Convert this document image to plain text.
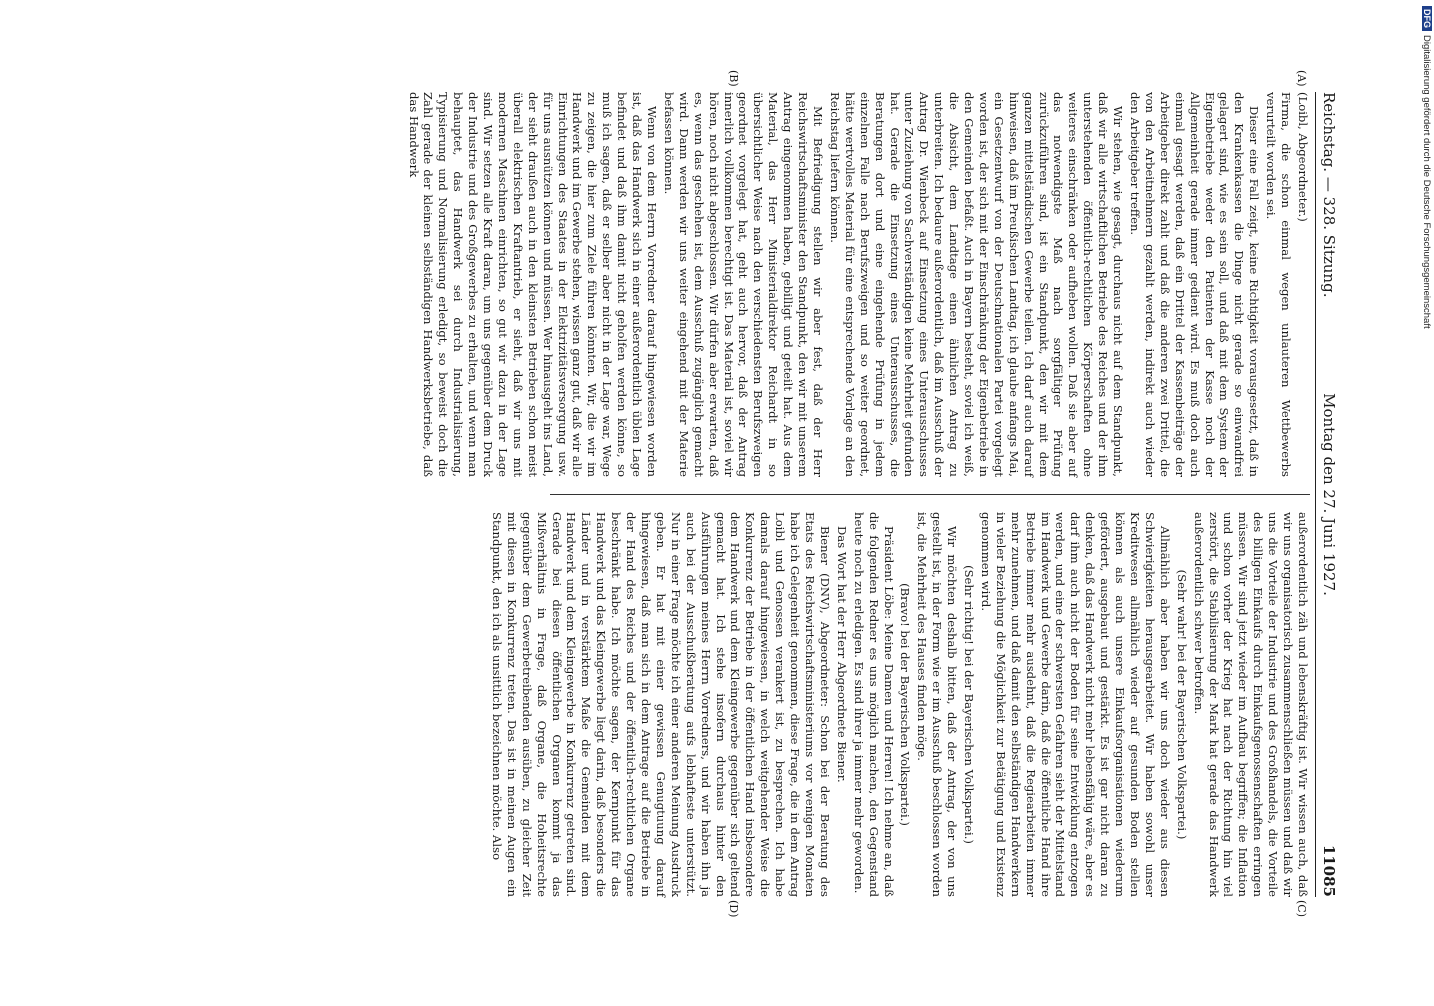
Reichstag. — 328. Sitzung.
Montag den 27. Juni 1927.
11085
(A)
(B)
(C)
(D)

(Loibl, Abgeordneter.)

Firma, die schon einmal wegen unlauteren Wettbewerbs verurteilt worden sei.

Dieser eine Fall zeigt, keine Richtigkeit vorausgesetzt, daß in den Krankenkassen die Dinge nicht gerade so einwandfrei gelagert sind, wie es sein soll, und daß mit dem System der Eigenbetriebe weder den Patienten der Kasse noch der Allgemeinheit gerade immer gedient wird. Es muß doch auch einmal gesagt werden, daß ein Drittel der Kassenbeiträge der Arbeitgeber direkt zahlt und daß die anderen zwei Drittel, die von den Arbeitnehmern gezahlt werden, indirekt auch wieder den Arbeitgeber treffen.

Wir stehen, wie gesagt, durchaus nicht auf dem Standpunkt, daß wir alle wirtschaftlichen Betriebe des Reiches und der ihm unterstehenden öffentlich-rechtlichen Körperschaften ohne weiteres einschränken oder aufheben wollen. Daß sie aber auf das notwendigste Maß nach sorgfältiger Prüfung zurückzuführen sind, ist ein Standpunkt, den wir mit dem ganzen mittelständischen Gewerbe teilen. Ich darf auch darauf hinweisen, daß im Preußischen Landtag, ich glaube anfangs Mai, ein Gesetzentwurf von der Deutschnationalen Partei vorgelegt worden ist, der sich mit der Einschränkung der Eigenbetriebe in den Gemeinden befaßt. Auch in Bayern besteht, soviel ich weiß, die Absicht, dem Landtage einen ähnlichen Antrag zu unterbreiten. Ich bedaure außerordentlich, daß im Ausschuß der Antrag Dr. Wienbeck auf Einsetzung eines Unterausschusses unter Zuziehung von Sachverständigen keine Mehrheit gefunden hat. Gerade die Einsetzung eines Unterausschusses, die Beratungen dort und eine eingehende Prüfung in jedem einzelnen Falle nach Berufszweigen und so weiter geordnet, hätte wertvolles Material für eine entsprechende Vorlage an den Reichstag liefern können.

Mit Befriedigung stellen wir aber fest, daß der Herr Reichswirtschaftsminister den Standpunkt, den wir mit unserem Antrag eingenommen haben, gebilligt und geteilt hat. Aus dem Material, das Herr Ministerialdirektor Reichardt in so übersichtlicher Weise nach den verschiedensten Berufszweigen geordnet vorgelegt hat, geht auch hervor, daß der Antrag innerlich vollkommen berechtigt ist. Das Material ist, soviel wir hören, noch nicht abgeschlossen. Wir dürfen aber erwarten, daß es, wenn das geschehen ist, dem Ausschuß zugänglich gemacht wird. Dann werden wir uns weiter eingehend mit der Materie befassen können.

Wenn von dem Herrn Vorredner darauf hingewiesen worden ist, daß das Handwerk sich in einer außerordentlich üblen Lage befindet und daß ihm damit nicht geholfen werden könne, so muß ich sagen, daß er selber aber nicht in der Lage war, Wege zu zeigen, die hier zum Ziele führen könnten. Wir, die wir im Handwerk und im Gewerbe stehen, wissen ganz gut, daß wir alle Einrichtungen des Staates in der Elektrizitätsversorgung usw. für uns ausnützen können und müssen. Wer hinausgeht ins Land, der sieht draußen auch in den kleinsten Betrieben schon meist überall elektrischen Kraftantrieb, er sieht, daß wir uns mit modernen Maschinen einrichten, so gut wir dazu in der Lage sind. Wir setzen alle Kraft daran, um uns gegenüber dem Druck der Industrie und des Großgewerbes zu erhalten, und wenn man behauptet, das Handwerk sei durch Industrialisierung, Typisierung und Normalisierung erledigt, so beweist doch die Zahl gerade der kleinen selbständigen Handwerksbetriebe, daß das Handwerk

außerordentlich zäh und lebenskräftig ist. Wir wissen auch, daß wir uns organisatorisch zusammenschließen müssen und daß wir uns die Vorteile der Industrie und des Großhandels, die Vorteile des billigen Einkaufs durch Einkaufsgenossenschaften erringen müssen. Wir sind jetzt wieder im Aufbau begriffen; die Inflation und schon vorher der Krieg hat nach der Richtung hin viel zerstört, die Stabilisierung der Mark hat gerade das Handwerk außerordentlich schwer betroffen.

(Sehr wahr! bei der Bayerischen Volkspartei.)

Allmählich aber haben wir uns doch wieder aus diesen Schwierigkeiten herausgearbeitet. Wir haben sowohl unser Kreditwesen allmählich wieder auf gesunden Boden stellen können als auch unsere Einkaufsorganisationen wiederum gefördert, ausgebaut und gestärkt. Es ist gar nicht daran zu denken, daß das Handwerk nicht mehr lebensfähig wäre, aber es darf ihm auch nicht der Boden für seine Entwicklung entzogen werden, und eine der schwersten Gefahren sieht der Mittelstand im Handwerk und Gewerbe darin, daß die öffentliche Hand ihre Betriebe immer mehr ausdehnt, daß die Regiearbeiten immer mehr zunehmen, und daß damit den selbständigen Handwerkern in vieler Beziehung die Möglichkeit zur Betätigung und Existenz genommen wird.

(Sehr richtig! bei der Bayerischen Volkspartei.)

Wir möchten deshalb bitten, daß der Antrag, der von uns gestellt ist, in der Form wie er im Ausschuß beschlossen worden ist, die Mehrheit des Hauses finden möge.

(Bravo! bei der Bayerischen Volkspartei.)

Präsident Löbe: Meine Damen und Herren! Ich nehme an, daß die folgenden Redner es uns möglich machen, den Gegenstand heute noch zu erledigen. Es sind ihrer ja immer mehr geworden.

Das Wort hat der Herr Abgeordnete Biener.

Biener (DNV), Abgeordneter: Schon bei der Beratung des Etats des Reichswirtschaftsministeriums vor wenigen Monaten habe ich Gelegenheit genommen, diese Frage, die in dem Antrag Loibl und Genossen verankert ist, zu besprechen. Ich habe damals darauf hingewiesen, in welch weitgehender Weise die Konkurrenz der Betriebe in der öffentlichen Hand insbesondere dem Handwerk und dem Kleingewerbe gegenüber sich geltend gemacht hat. Ich stehe insofern durchaus hinter den Ausführungen meines Herrn Vorredners, und wir haben ihn ja auch bei der Ausschußberatung aufs lebhafteste unterstützt. Nur in einer Frage möchte ich einer anderen Meinung Ausdruck geben. Er hat mit einer gewissen Genugtuung darauf hingewiesen, daß man sich in dem Antrage auf die Betriebe in der Hand des Reiches und der öffentlich-rechtlichen Organe beschränkt habe. Ich möchte sagen, der Kernpunkt für das Handwerk und das Kleingewerbe liegt darin, daß besonders die Länder und in verstärktem Maße die Gemeinden mit dem Handwerk und dem Kleingewerbe in Konkurrenz getreten sind. Gerade bei diesen öffentlichen Organen kommt ja das Mißverhältnis in Frage, daß Organe, die Hoheitsrechte gegenüber dem Gewerbetreibenden ausüben, zu gleicher Zeit mit diesen in Konkurrenz treten. Das ist in meinen Augen ein Standpunkt, den ich als unsittlich bezeichnen möchte. Also

DFGDigitalisierung gefördert durch die Deutsche Forschungsgemeinschaft
